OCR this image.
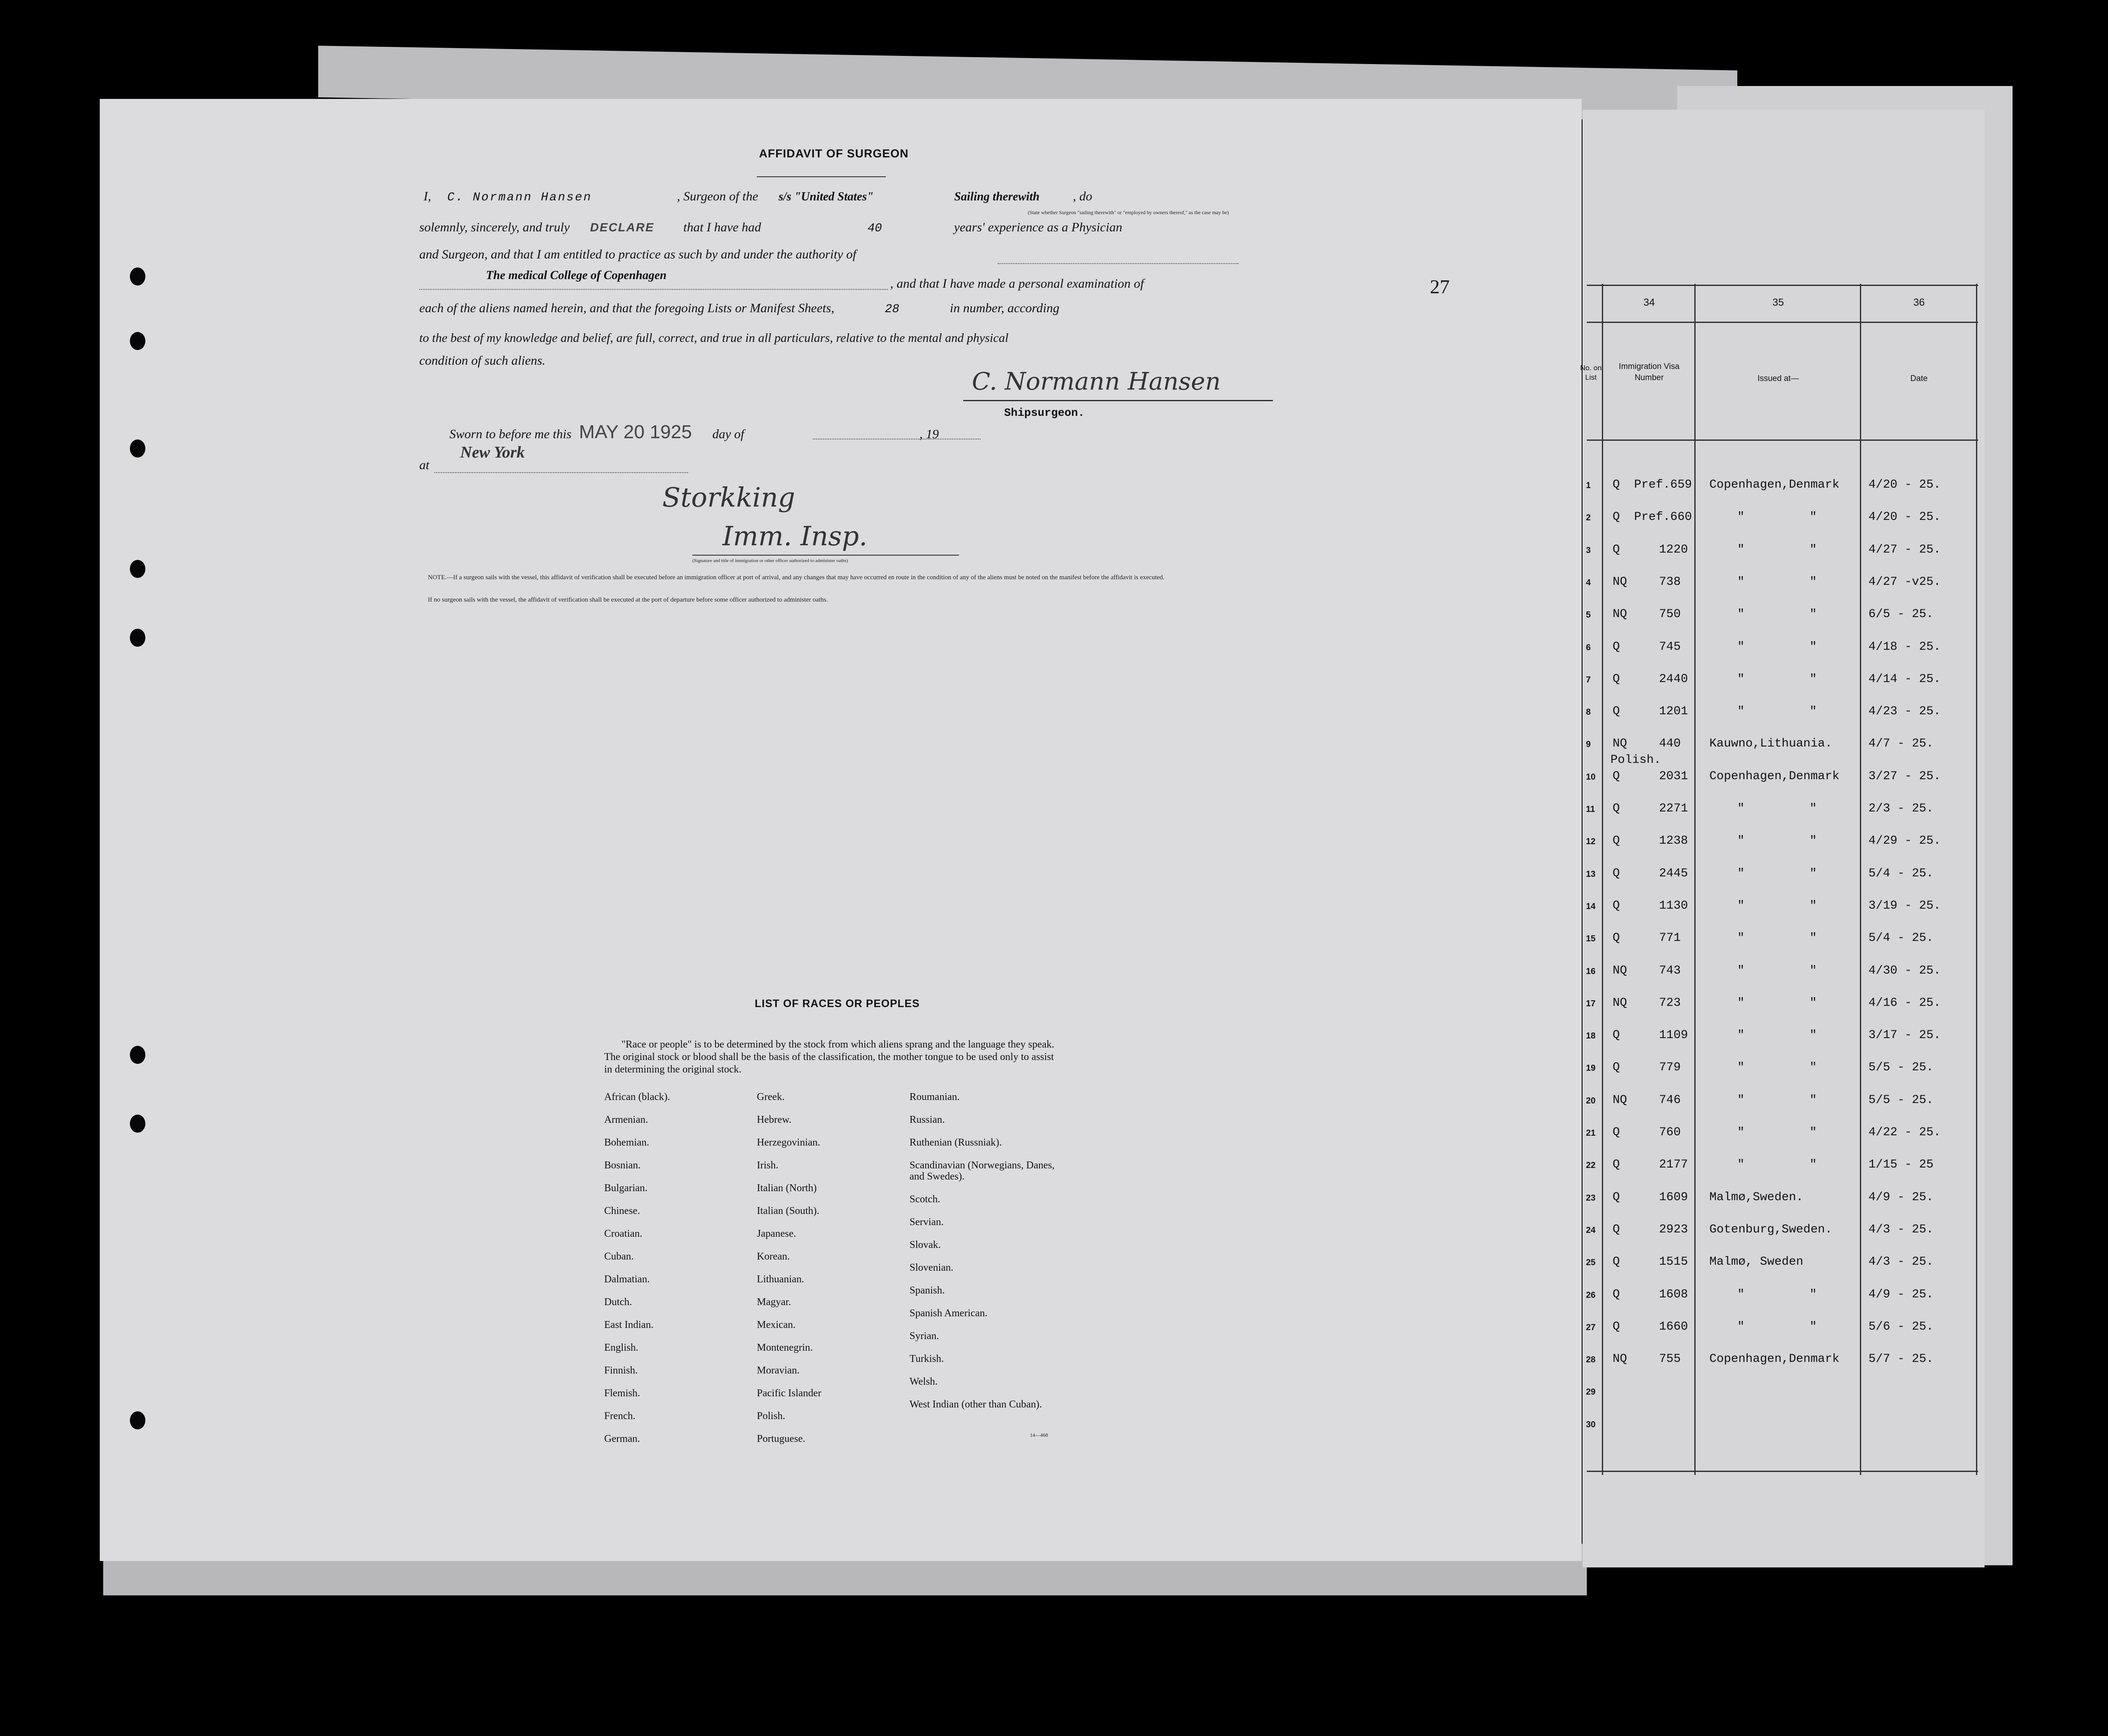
AFFIDAVIT OF SURGEON
I, C. Normann Hansen	, Surgeon of the s/s "United States"	Sailing therewith	, do
(State whether Surgeon "sailing therewith" or "employed by owners thereof," as the case may be)
solemnly, sincerely, and truly DECLARE that I have had	40	years' experience as a Physician
and Surgeon, and that I am entitled to practice as such by and under the authority of
The medical College of Copenhagen
, and that I have made a personal examination of
each of the aliens named herein, and that the foregoing Lists or Manifest Sheets,	28	in number, according
to the best of my knowledge and belief, are full, correct, and true in all particulars, relative to the mental and physical
condition of such aliens.
C. Normann Hansen
Shipsurgeon.
Sworn to before me this MAY 20 1925 day of	, 19
at
New York
Storkking
Imm. Insp.
(Signature and title of immigration or other officer authorized to administer oaths)
NOTE.—If a surgeon sails with the vessel, this affidavit of verification shall be executed before an immigration officer at port of arrival, and any changes that may have occurred en route in the condition of any of the aliens must be noted on the manifest before the affidavit is executed.
If no surgeon sails with the vessel, the affidavit of verification shall be executed at the port of departure before some officer authorized to administer oaths.
27
LIST OF RACES OR PEOPLES
"Race or people" is to be determined by the stock from which aliens sprang and the language they speak. The original stock or blood shall be the basis of the classification, the mother tongue to be used only to assist in determining the original stock.
African (black).
Armenian.
Bohemian.
Bosnian.
Bulgarian.
Chinese.
Croatian.
Cuban.
Dalmatian.
Dutch.
East Indian.
English.
Finnish.
Flemish.
French.
German.
Greek.
Hebrew.
Herzegovinian.
Irish.
Italian (North)
Italian (South).
Japanese.
Korean.
Lithuanian.
Magyar.
Mexican.
Montenegrin.
Moravian.
Pacific Islander
Polish.
Portuguese.
Roumanian.
Russian.
Ruthenian (Russniak).
Scandinavian (Norwegians, Danes, and Swedes).
Scotch.
Servian.
Slovak.
Slovenian.
Spanish.
Spanish American.
Syrian.
Turkish.
Welsh.
West Indian (other than Cuban).
14—468
34	35	36
No. on List
Immigration Visa Number	Issued at—	Date
1 Q Pref.659 Copenhagen,Denmark 4/20 - 25.
2 Q Pref.660	"         "	4/20 - 25.
3 Q	1220	"         "	4/27 - 25.
4 NQ	738	"         "	4/27 -v25.
5 NQ	750	"         "	6/5 - 25.
6 Q	745	"         "	4/18 - 25.
7 Q	2440	"         "	4/14 - 25.
8 Q	1201	"         "	4/23 - 25.
9 NQ	440 Kauwno,Lithuania.	4/7 - 25.
Polish.
10 Q	2031 Copenhagen,Denmark 3/27 - 25.
11 Q	2271	"         "	2/3 - 25.
12 Q	1238	"         "	4/29 - 25.
13 Q	2445	"         "	5/4 - 25.
14 Q	1130	"         "	3/19 - 25.
15 Q	771	"         "	5/4 - 25.
16 NQ	743	"         "	4/30 - 25.
17 NQ	723	"         "	4/16 - 25.
18 Q	1109	"         "	3/17 - 25.
19 Q	779	"         "	5/5 - 25.
20 NQ	746	"         "	5/5 - 25.
21 Q	760	"         "	4/22 - 25.
22 Q	2177	"         "	1/15 - 25
23 Q	1609 Malmø,Sweden.	4/9 - 25.
24 Q	2923 Gotenburg,Sweden.	4/3 - 25.
25 Q	1515 Malmø, Sweden	4/3 - 25.
26 Q	1608	"         "	4/9 - 25.
27 Q	1660	"         "	5/6 - 25.
28 NQ	755 Copenhagen,Denmark 5/7 - 25.
29
30
